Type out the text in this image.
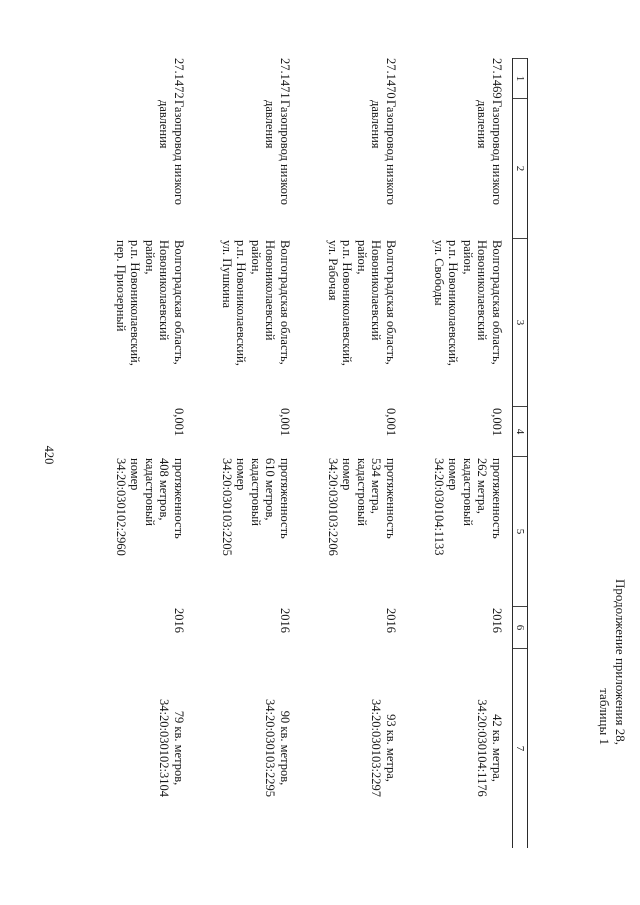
420
Продолжение приложения 28,
таблицы 1
1
2
3
4
5
6
7
27.1469
Газопровод низкого
давления
Волгоградская область,
Новониколаевский
район,
р.п. Новониколаевский,
ул. Свободы
0,001
протяженность
262 метра,
кадастровый
номер
34:20:030104:1133
2016
42 кв. метра,
34:20:030104:1176
27.1470
Газопровод низкого
давления
Волгоградская область,
Новониколаевский
район,
р.п. Новониколаевский,
ул. Рабочая
0,001
протяженность
534 метра,
кадастровый
номер
34:20:030103:2206
2016
93 кв. метра,
34:20:030103:2297
27.1471
Газопровод низкого
давления
Волгоградская область,
Новониколаевский
район,
р.п. Новониколаевский,
ул. Пушкина
0,001
протяженность
610 метров,
кадастровый
номер
34:20:030103:2205
2016
90 кв. метров,
34:20:030103:2295
27.1472
Газопровод низкого
давления
Волгоградская область,
Новониколаевский
район,
р.п. Новониколаевский,
пер. Приозерный
0,001
протяженность
408 метров,
кадастровый
номер
34:20:030102:2960
2016
79 кв. метров,
34:20:030102:3104
